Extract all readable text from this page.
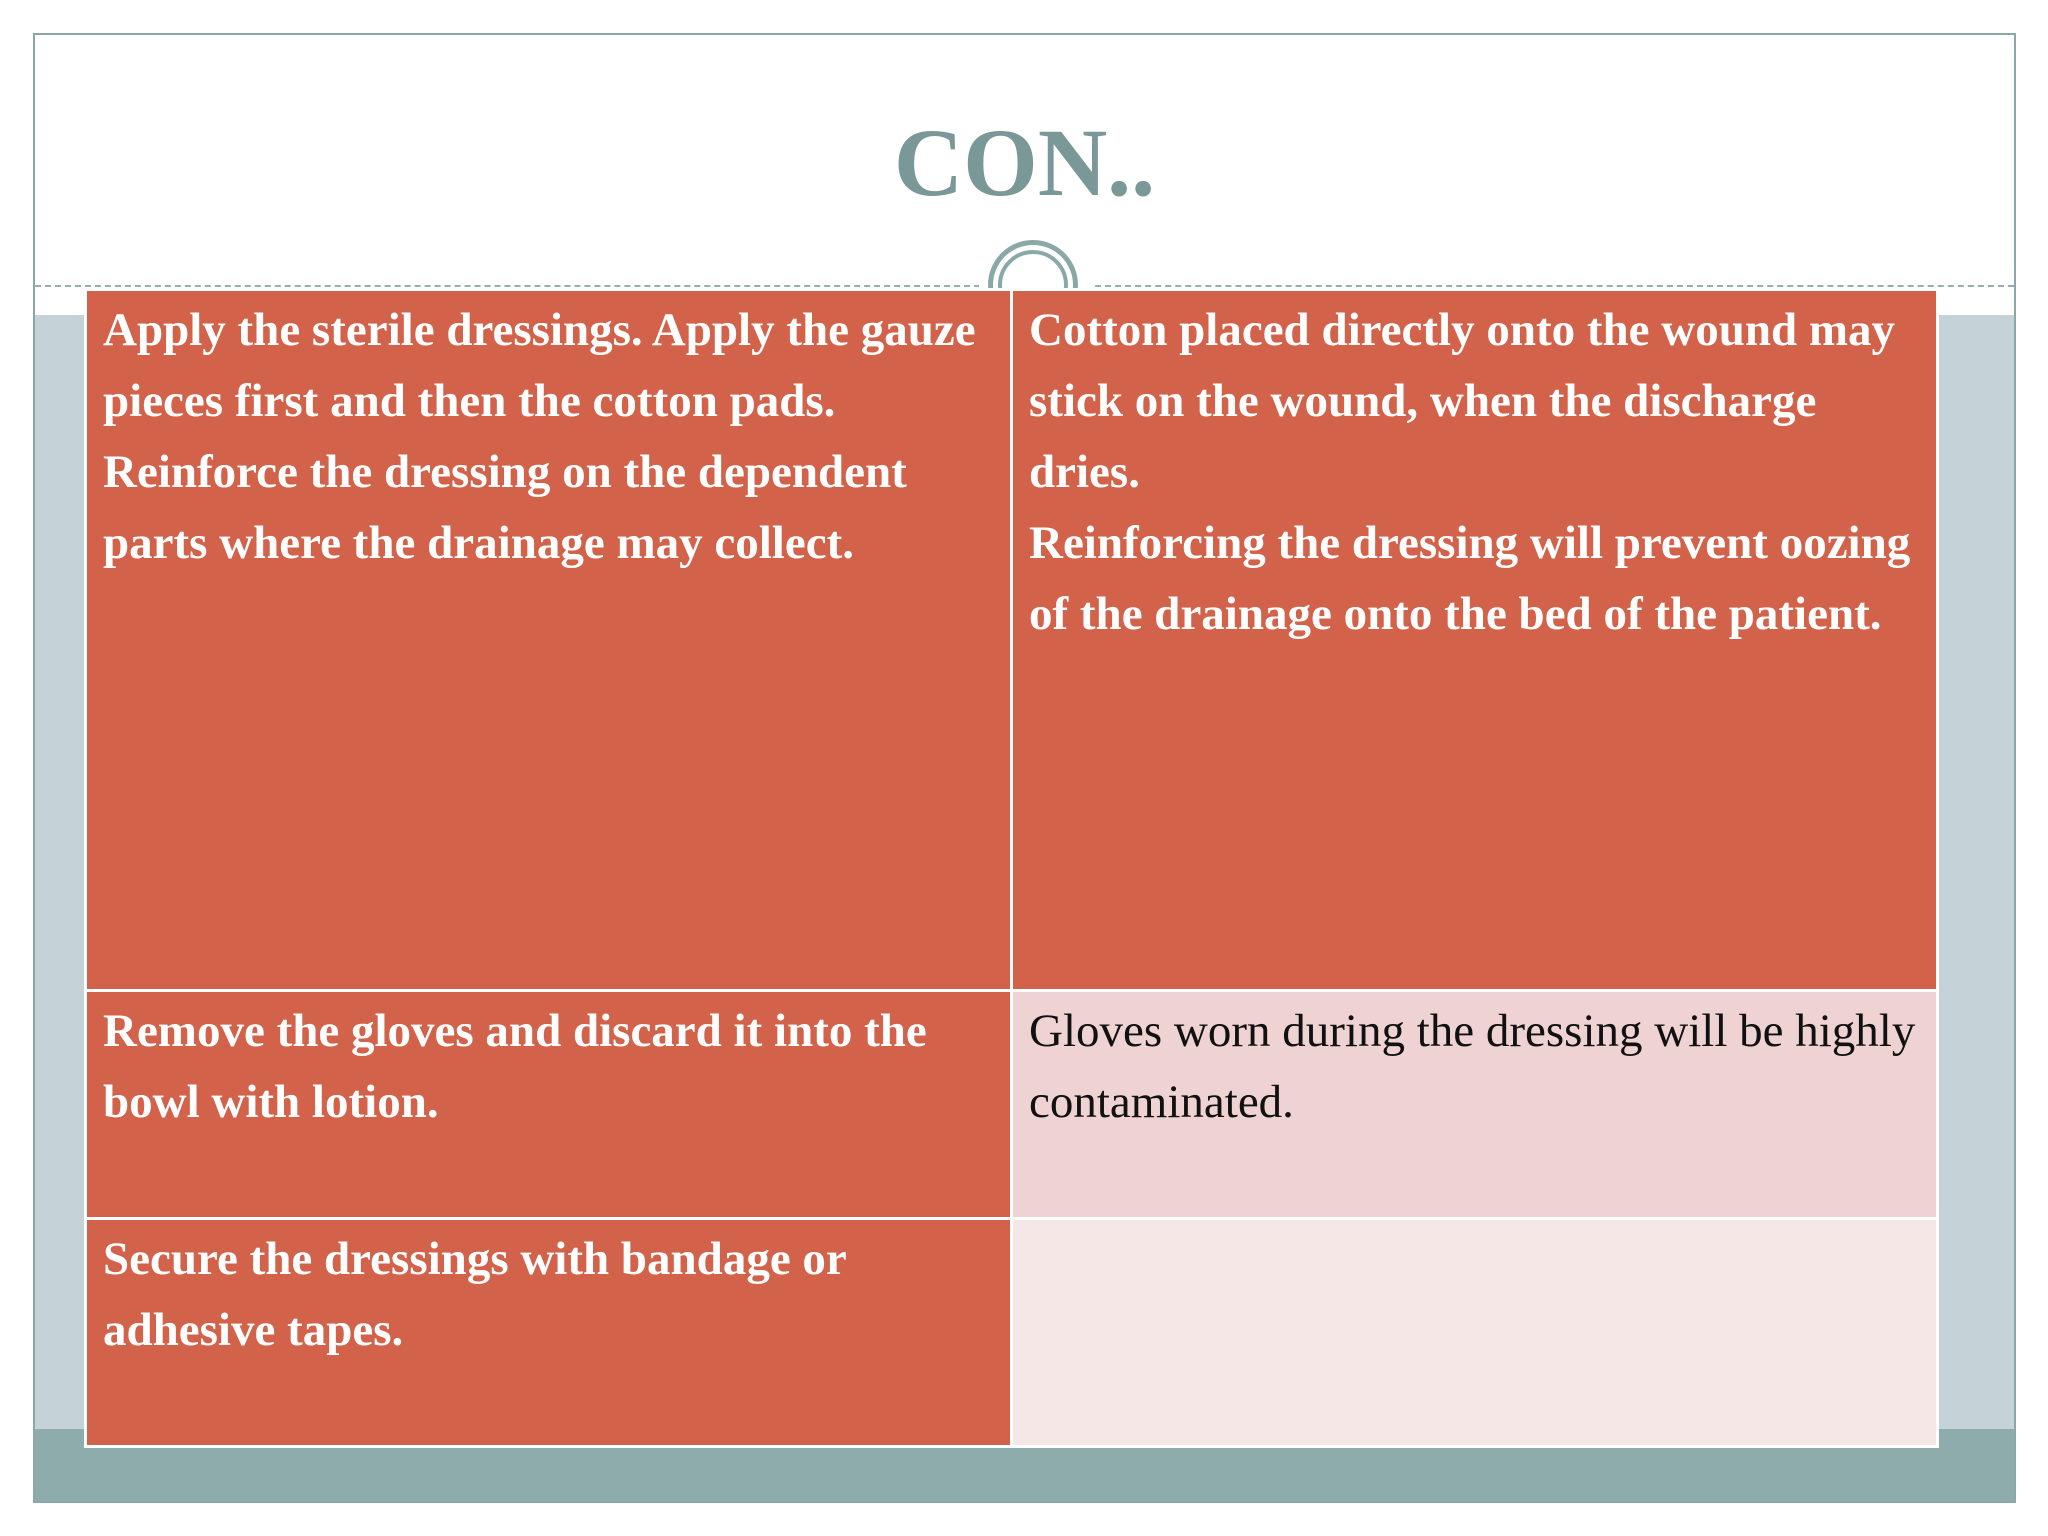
CON..
Apply the sterile dressings. Apply the gauze pieces first and then the cotton pads. Reinforce the dressing on the dependent parts where the drainage may collect.	Cotton placed directly onto the wound may stick on the wound, when the discharge dries.
Reinforcing the dressing will prevent oozing of the drainage onto the bed of the patient.

Remove the gloves and discard it into the bowl with lotion.	Gloves worn during the dressing will be highly contaminated.
Secure the dressings with bandage or adhesive tapes.	
